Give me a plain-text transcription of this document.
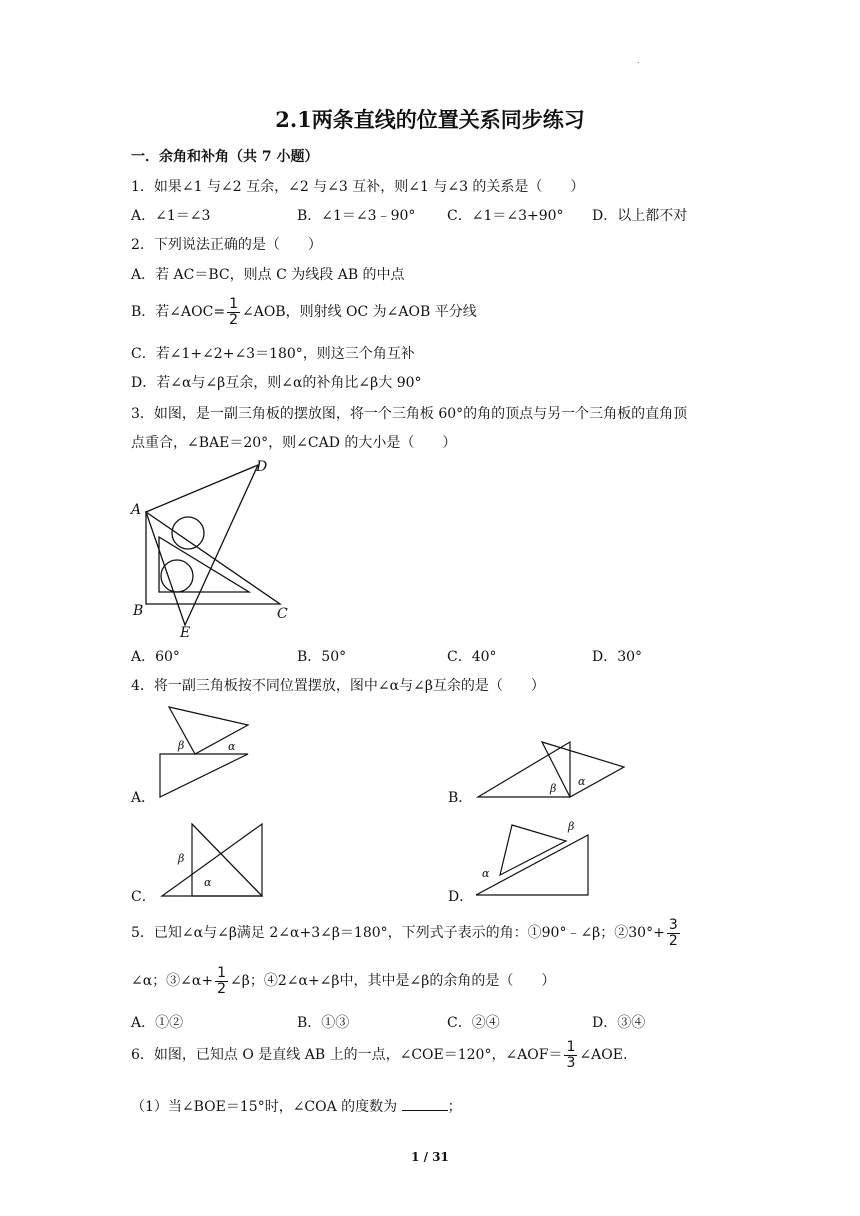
.
2.1两条直线的位置关系同步练习
一．余角和补角（共 7 小题）
1．如果∠1 与∠2 互余，∠2 与∠3 互补，则∠1 与∠3 的关系是（　　）
A．∠1＝∠3	B．∠1＝∠3﹣90° C．∠1＝∠3+90° D．以上都不对
2．下列说法正确的是（　　）
A．若 AC＝BC，则点 C 为线段 AB 的中点
B．若∠AOC= $\frac{1}{2}$ ∠AOB，则射线 OC 为∠AOB 平分线
C．若∠1+∠2+∠3＝180°，则这三个角互补
D．若∠α与∠β互余，则∠α的补角比∠β大 90°
3．如图，是一副三角板的摆放图，将一个三角板 60°的角的顶点与另一个三角板的直角顶
点重合，∠BAE＝20°，则∠CAD 的大小是（　　）
A
B	C
D
E
A．60°	B．50°	C．40°	D．30°
4．将一副三角板按不同位置摆放，图中∠α与∠β互余的是（　　）
A．
β	α
B．
β
α
C．
β
α
D．
α
β
5．已知∠α与∠β满足 2∠α+3∠β＝180°，下列式子表示的角：①90°﹣∠β；②30°+ $\frac{3}{2}$
∠α；③∠α+ $\frac{1}{2}$ ∠β；④2∠α+∠β中，其中是∠β的余角的是（　　）
A．①②	B．①③	C．②④	D．③④
6．如图，已知点 O 是直线 AB 上的一点，∠COE＝120°，∠AOF＝ $\frac{1}{3}$ ∠AOE.
（1）当∠BOE＝15°时，∠COA 的度数为	；
1 / 31
